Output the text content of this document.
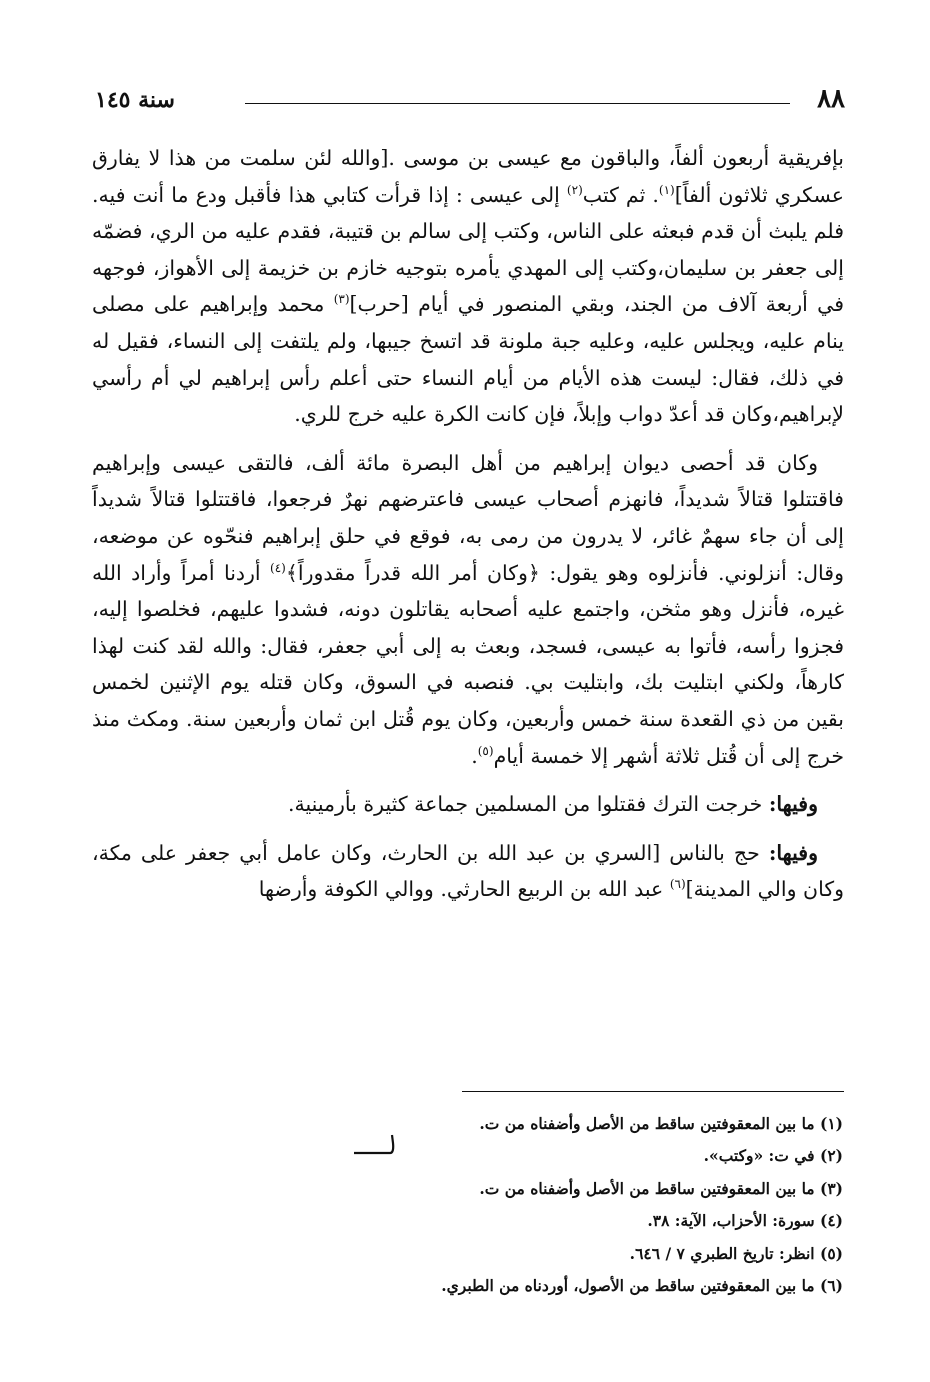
٨٨
سنة ١٤٥

بإفريقية أربعون ألفاً، والباقون مع عيسى بن موسى .[والله لئن سلمت من هذا لا يفارق عسكري ثلاثون ألفاً]$^{(١)}$. ثم كتب$^{(٢)}$ إلى عيسى : إذا قرأت كتابي هذا فأقبل ودع ما أنت فيه. فلم يلبث أن قدم فبعثه على الناس، وكتب إلى سالم بن قتيبة، فقدم عليه من الري، فضمّه إلى جعفر بن سليمان،وكتب إلى المهدي يأمره بتوجيه خازم بن خزيمة إلى الأهواز، فوجهه في أربعة آلاف من الجند، وبقي المنصور في أيام [حرب]$^{(٣)}$ محمد وإبراهيم على مصلى ينام عليه، ويجلس عليه، وعليه جبة ملونة قد اتسخ جيبها، ولم يلتفت إلى النساء، فقيل له في ذلك، فقال: ليست هذه الأيام من أيام النساء حتى أعلم رأس إبراهيم لي أم رأسي لإبراهيم،وكان قد أعدّ دواب وإبلاً، فإن كانت الكرة عليه خرج للري.

وكان قد أحصى ديوان إبراهيم من أهل البصرة مائة ألف، فالتقى عيسى وإبراهيم فاقتتلوا قتالاً شديداً، فانهزم أصحاب عيسى فاعترضهم نهرٌ فرجعوا، فاقتتلوا قتالاً شديداً إلى أن جاء سهمٌ غائر، لا يدرون من رمى به، فوقع في حلق إبراهيم فنحّوه عن موضعه، وقال: أنزلوني. فأنزلوه وهو يقول: ﴿وكان أمر الله قدراً مقدوراً﴾$^{(٤)}$ أردنا أمراً وأراد الله غيره، فأنزل وهو مثخن، واجتمع عليه أصحابه يقاتلون دونه، فشدوا عليهم، فخلصوا إليه، فجزوا رأسه، فأتوا به عيسى، فسجد، وبعث به إلى أبي جعفر، فقال: والله لقد كنت لهذا كارهاً، ولكني ابتليت بك، وابتليت بي. فنصبه في السوق، وكان قتله يوم الإثنين لخمس بقين من ذي القعدة سنة خمس وأربعين، وكان يوم قُتل ابن ثمان وأربعين سنة. ومكث منذ خرج إلى أن قُتل ثلاثة أشهر إلا خمسة أيام$^{(٥)}$.

وفيها: خرجت الترك فقتلوا من المسلمين جماعة كثيرة بأرمينية.

وفيها: حج بالناس [السري بن عبد الله بن الحارث، وكان عامل أبي جعفر على مكة، وكان والي المدينة]$^{(٦)}$ عبد الله بن الربيع الحارثي. ووالي الكوفة وأرضها

(١) ما بين المعقوفتين ساقط من الأصل وأضفناه من ت.

(٢) في ت: «وكتب».

(٣) ما بين المعقوفتين ساقط من الأصل وأضفناه من ت.

(٤) سورة: الأحزاب، الآية: ٣٨.

(٥) انظر: تاريخ الطبري ٧ / ٦٤٦.

(٦) ما بين المعقوفتين ساقط من الأصول، أوردناه من الطبري.
